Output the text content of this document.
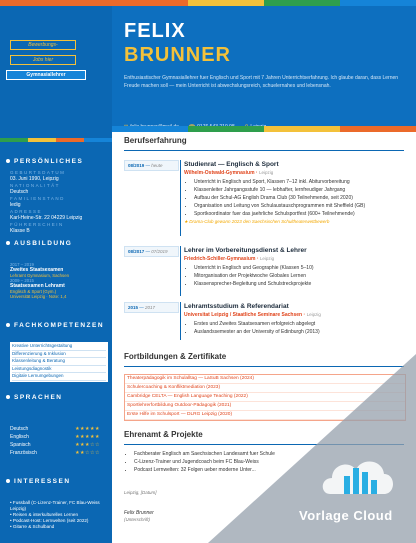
Bewerbungs-
Jobs hier
Gymnasiallehrer
PERSÖNLICHES
GEBURTSDATUM
03. Juni 1990, Leipzig
NATIONALITÄT
Deutsch
FAMILIENSTAND
ledig
ADRESSE
Karl-Heine-Str. 22 04229 Leipzig
FÜHRERSCHEIN
Klasse B
AUSBILDUNG
2017 – 2019
Zweites Staatsexamen
Lehramt Gymnasium, Sachsen
2009 – 2015
Staatsexamen Lehramt
Englisch & Sport (Gym.)
Universität Leipzig · Note: 1,4
FACHKOMPETENZEN
Kreative Unterrichtsgestaltung
Differenzierung & Inklusion
Klassenleitung & Beratung
Leistungsdiagnostik
Digitale Lernumgebungen
SPRACHEN
Deutsch	★★★★★
Englisch	★★★★★
Spanisch	★★★☆☆
Französisch	★★☆☆☆
INTERESSEN
• Fussball (C-Lizenz-Trainer, FC Blau-Weiss Leipzig)
• Reisen & interkulturelles Lernen
• Podcast-Host: Lernwelten (seit 2022)
• Gitarre & Schulband
FELIX
BRUNNER
Enthusiastischer Gymnasiallehrer fuer Englisch und Sport mit 7 Jahren Unterrichtserfahrung. Ich glaube daran, dass Lernen Freude machen soll — mein Unterricht ist abwechslungsreich, schuelernahes und lebensnah.
Berufserfahrung
08/2019 — heute	Studienrat — Englisch & Sport
Wilhelm-Ostwald-Gymnasium · Leipzig
• Unterricht in Englisch und Sport, Klassen 7–12 inkl. Abiturvorbereitung
• Klassenleiter Jahrgangsstufe 10 — lebhafter, lernfreudiger Jahrgang
• Aufbau der Schul-AG English Drama Club (30 Teilnehmende, seit 2020)
• Organisation und Leitung von Schulaustauschprogrammen mit Sheffield (GB)
• Sportkoordinator fuer das jaehrliche Schulsportfest (600+ Teilnehmende)
★ Drama-Club gewann 2023 den Saechsischen Schultheaterwettbewerb
08/2017 — 07/2019	Lehrer im Vorbereitungsdienst & Lehrer
Friedrich-Schiller-Gymnasium · Leipzig
• Unterricht in Englisch und Geographie (Klassen 5–10)
• Mitorganisation der Projektwoche Globales Lernen
• Klassensprecher-Begleitung und Schulstreckprojekte
2015 — 2017	Lehramtsstudium & Referendariat
Universitat Leipzig / Staatliche Seminare Sachsen · Leipzig
• Erstes und Zweites Staatsexamen erfolgreich abgelegt
• Auslandssemester an der University of Edinburgh (2013)
Fortbildungen & Zertifikate
Theaterpädagogik im Schulalltag — LaSuB Sachsen (2024)
Schulercoaching & Konfliktmediation (2023)
Cambridge CELTA — English Language Teaching (2022)
Sportlehrerfortbildung Outdoor-Pädagogik (2021)
Erste Hilfe im Schulsport — DLRG Leipzig (2020)
Ehrenamt & Projekte
• Fachberater Englisch am Saechsischen Landesamt fuer Schule
• C-Lizenz-Trainer und Jugendcoach beim FC Blau-Weiss
• Podcast Lernwelten: 32 Folgen ueber moderne Unter...
Leipzig, [Datum]
Felix Brunner
(Unterschrift)	Vorlage Cloud
